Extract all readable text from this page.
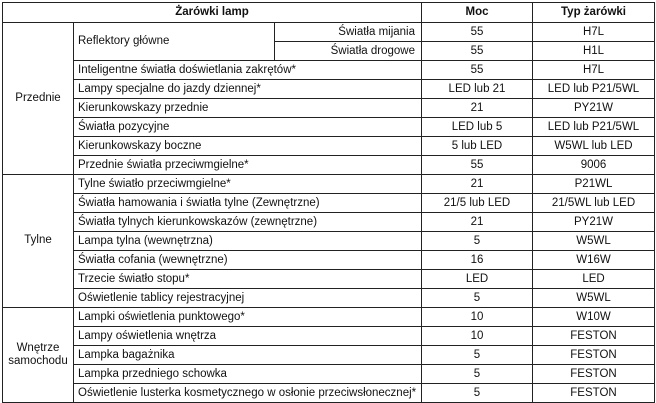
Żarówki lamp			Moc	Typ żarówki
Przednie	Reflektory główne	Światła mijania	55	H7L
		Światła drogowe	55	H1L
	Inteligentne światła doświetlania zakrętów*		55	H7L
	Lampy specjalne do jazdy dziennej*		LED lub 21	LED lub P21/5WL
	Kierunkowskazy przednie		21	PY21W
	Światła pozycyjne		LED lub 5	LED lub P21/5WL
	Kierunkowskazy boczne		5 lub LED	W5WL lub LED
	Przednie światła przeciwmgielne*		55	9006
Tylne	Tylne światło przeciwmgielne*		21	P21WL
	Światła hamowania i światła tylne (Zewnętrzne)		21/5 lub LED	21/5WL lub LED
	Światła tylnych kierunkowskazów (zewnętrzne)		21	PY21W
	Lampa tylna (wewnętrzna)		5	W5WL
	Światła cofania (wewnętrzne)		16	W16W
	Trzecie światło stopu*		LED	LED
	Oświetlenie tablicy rejestracyjnej		5	W5WL
Wnętrze samochodu	Lampki oświetlenia punktowego*		10	W10W
	Lampy oświetlenia wnętrza		10	FESTON
	Lampka bagażnika		5	FESTON
	Lampka przedniego schowka		5	FESTON
	Oświetlenie lusterka kosmetycznego w osłonie przeciwsłonecznej*		5	FESTON
